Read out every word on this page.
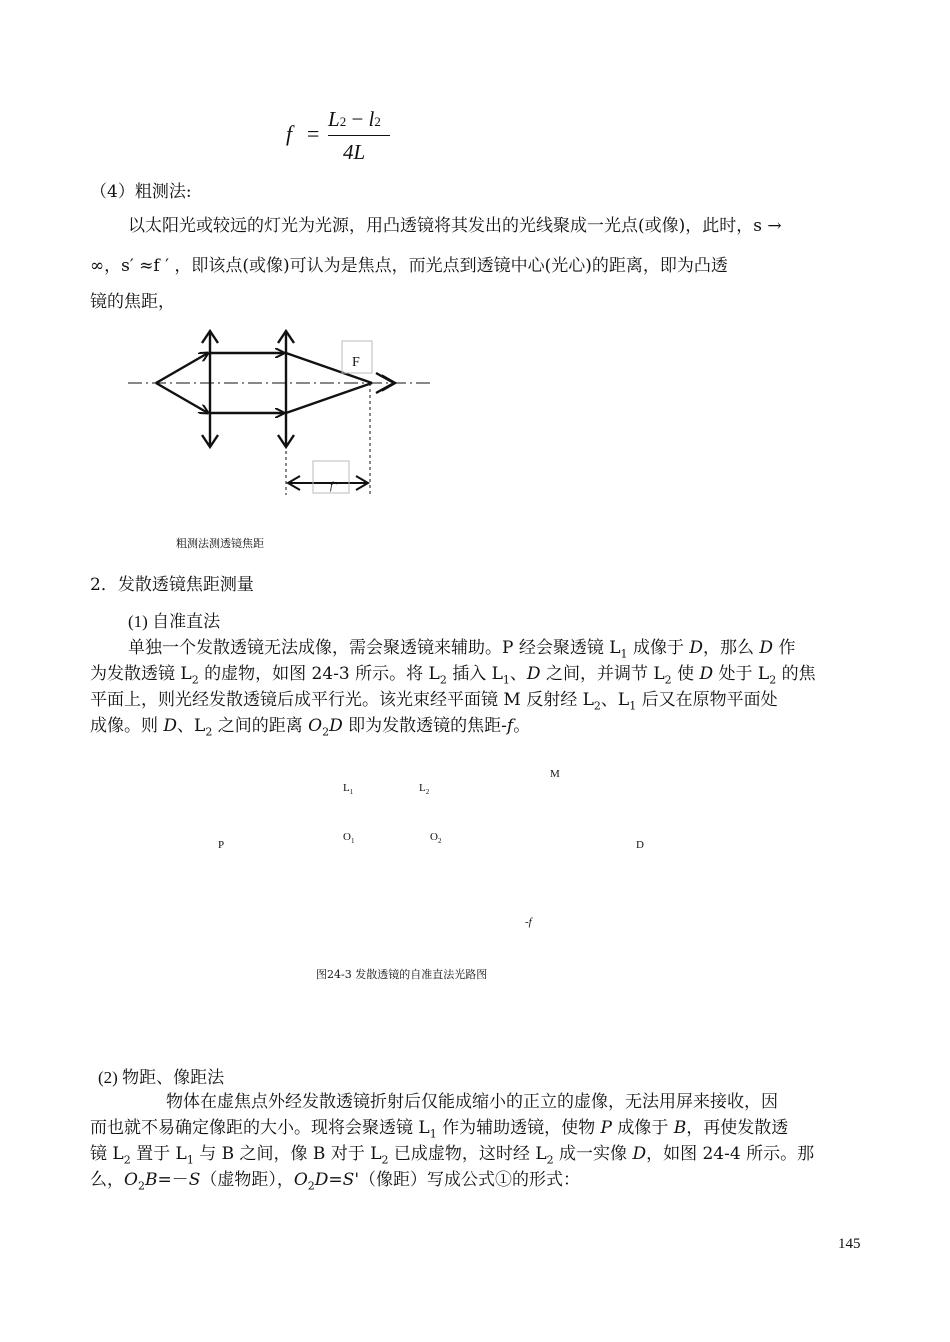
f =
L2 − l2
4L
（4）粗测法:
以太阳光或较远的灯光为光源，用凸透镜将其发出的光线聚成一光点(或像)，此时，s →
∞，s′ ≈f ′ ，即该点(或像)可认为是焦点，而光点到透镜中心(光心)的距离，即为凸透
镜的焦距，
F
f ′
粗测法测透镜焦距
2．发散透镜焦距测量
(1) 自准直法
单独一个发散透镜无法成像，需会聚透镜来辅助。P 经会聚透镜 $L_1$ 成像于 D，那么 D 作
为发散透镜 $L_2$ 的虚物，如图 24-3 所示。将 $L_2$ 插入 $L_1$、D 之间，并调节 $L_2$ 使 D 处于 $L_2$ 的焦
平面上，则光经发散透镜后成平行光。该光束经平面镜 M 反射经 $L_2$、$L_1$ 后又在原物平面处
成像。则 D、$L_2$ 之间的距离 $O_2D$ 即为发散透镜的焦距-f。
M
$L_1$	$L_2$
$O_1$	$O_2$
P	D
-f
图24-3 发散透镜的自准直法光路图
(2) 物距、像距法
物体在虚焦点外经发散透镜折射后仅能成缩小的正立的虚像，无法用屏来接收，因
而也就不易确定像距的大小。现将会聚透镜 $L_1$ 作为辅助透镜，使物 P 成像于 B，再使发散透
镜 $L_2$ 置于 $L_1$ 与 B 之间，像 B 对于 $L_2$ 已成虚物，这时经 $L_2$ 成一实像 D，如图 24-4 所示。那
么，$O_2B=-S$（虚物距），$O_2D=S'$（像距）写成公式①的形式：
145
